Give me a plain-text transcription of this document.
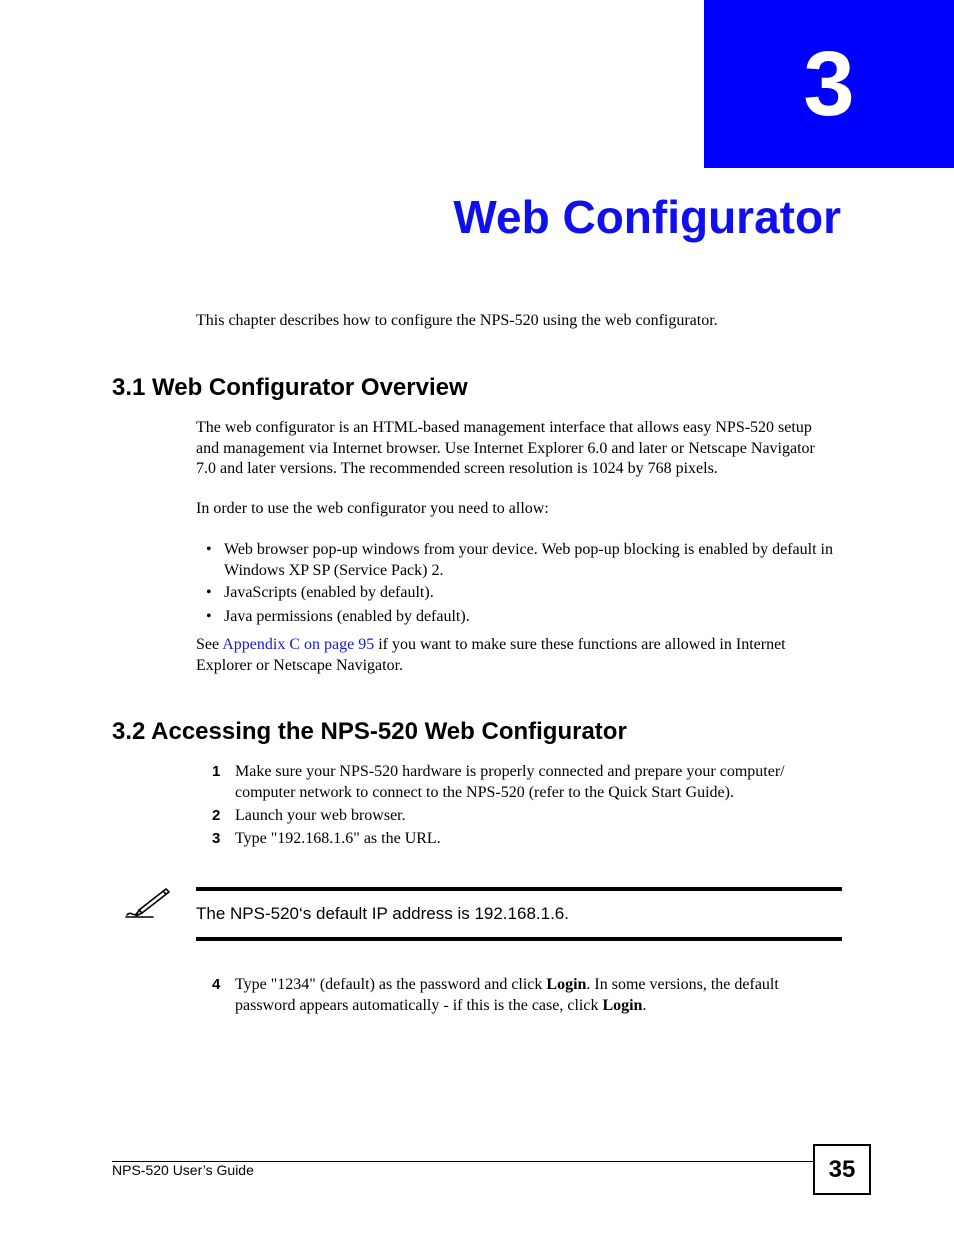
3
Web Configurator
This chapter describes how to configure the NPS-520 using the web configurator.
3.1 Web Configurator Overview
The web configurator is an HTML-based management interface that allows easy NPS-520 setup and management via Internet browser. Use Internet Explorer 6.0 and later or Netscape Navigator 7.0 and later versions. The recommended screen resolution is 1024 by 768 pixels.
In order to use the web configurator you need to allow:
• Web browser pop-up windows from your device. Web pop-up blocking is enabled by default in Windows XP SP (Service Pack) 2.
• JavaScripts (enabled by default).
• Java permissions (enabled by default).
See Appendix C on page 95 if you want to make sure these functions are allowed in Internet Explorer or Netscape Navigator.
3.2 Accessing the NPS-520 Web Configurator
1 Make sure your NPS-520 hardware is properly connected and prepare your computer/ computer network to connect to the NPS-520 (refer to the Quick Start Guide).
2 Launch your web browser.
3 Type "192.168.1.6" as the URL.
The NPS-520‘s default IP address is 192.168.1.6.
4 Type "1234" (default) as the password and click Login. In some versions, the default password appears automatically - if this is the case, click Login.
NPS-520 User’s Guide	35
